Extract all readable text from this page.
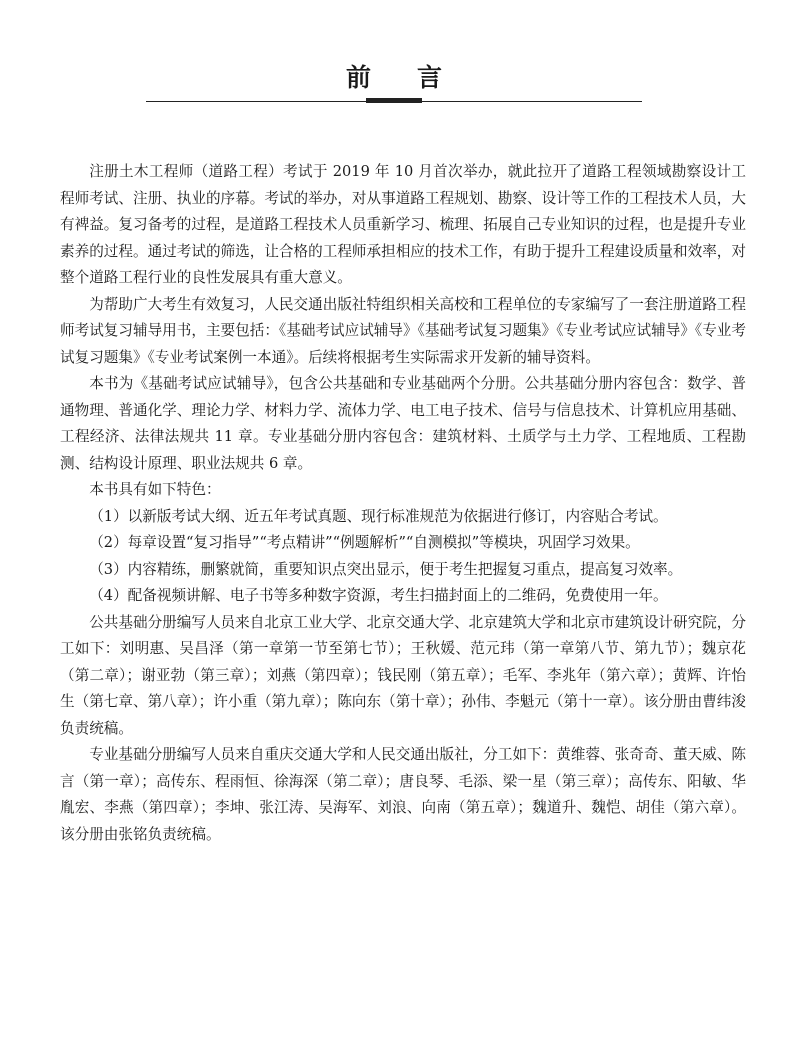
前 言

注册土木工程师（道路工程）考试于 2019 年 10 月首次举办，就此拉开了道路工程领域勘察设计工程师考试、注册、执业的序幕。考试的举办，对从事道路工程规划、勘察、设计等工作的工程技术人员，大有裨益。复习备考的过程，是道路工程技术人员重新学习、梳理、拓展自己专业知识的过程，也是提升专业素养的过程。通过考试的筛选，让合格的工程师承担相应的技术工作，有助于提升工程建设质量和效率，对整个道路工程行业的良性发展具有重大意义。

为帮助广大考生有效复习，人民交通出版社特组织相关高校和工程单位的专家编写了一套注册道路工程师考试复习辅导用书，主要包括：《基础考试应试辅导》《基础考试复习题集》《专业考试应试辅导》《专业考试复习题集》《专业考试案例一本通》。后续将根据考生实际需求开发新的辅导资料。

本书为《基础考试应试辅导》，包含公共基础和专业基础两个分册。公共基础分册内容包含：数学、普通物理、普通化学、理论力学、材料力学、流体力学、电工电子技术、信号与信息技术、计算机应用基础、工程经济、法律法规共 11 章。专业基础分册内容包含：建筑材料、土质学与土力学、工程地质、工程勘测、结构设计原理、职业法规共 6 章。

本书具有如下特色：

（1）以新版考试大纲、近五年考试真题、现行标准规范为依据进行修订，内容贴合考试。

（2）每章设置“复习指导”“考点精讲”“例题解析”“自测模拟”等模块，巩固学习效果。

（3）内容精练，删繁就简，重要知识点突出显示，便于考生把握复习重点，提高复习效率。

（4）配备视频讲解、电子书等多种数字资源，考生扫描封面上的二维码，免费使用一年。

公共基础分册编写人员来自北京工业大学、北京交通大学、北京建筑大学和北京市建筑设计研究院，分工如下：刘明惠、吴昌泽（第一章第一节至第七节）；王秋媛、范元玮（第一章第八节、第九节）；魏京花（第二章）；谢亚勃（第三章）；刘燕（第四章）；钱民刚（第五章）；毛军、李兆年（第六章）；黄辉、许怡生（第七章、第八章）；许小重（第九章）；陈向东（第十章）；孙伟、李魁元（第十一章）。该分册由曹纬浚负责统稿。

专业基础分册编写人员来自重庆交通大学和人民交通出版社，分工如下：黄维蓉、张奇奇、董天威、陈言（第一章）；高传东、程雨恒、徐海深（第二章）；唐良琴、毛添、梁一星（第三章）；高传东、阳敏、华胤宏、李燕（第四章）；李坤、张江涛、吴海军、刘浪、向南（第五章）；魏道升、魏恺、胡佳（第六章）。该分册由张铭负责统稿。
